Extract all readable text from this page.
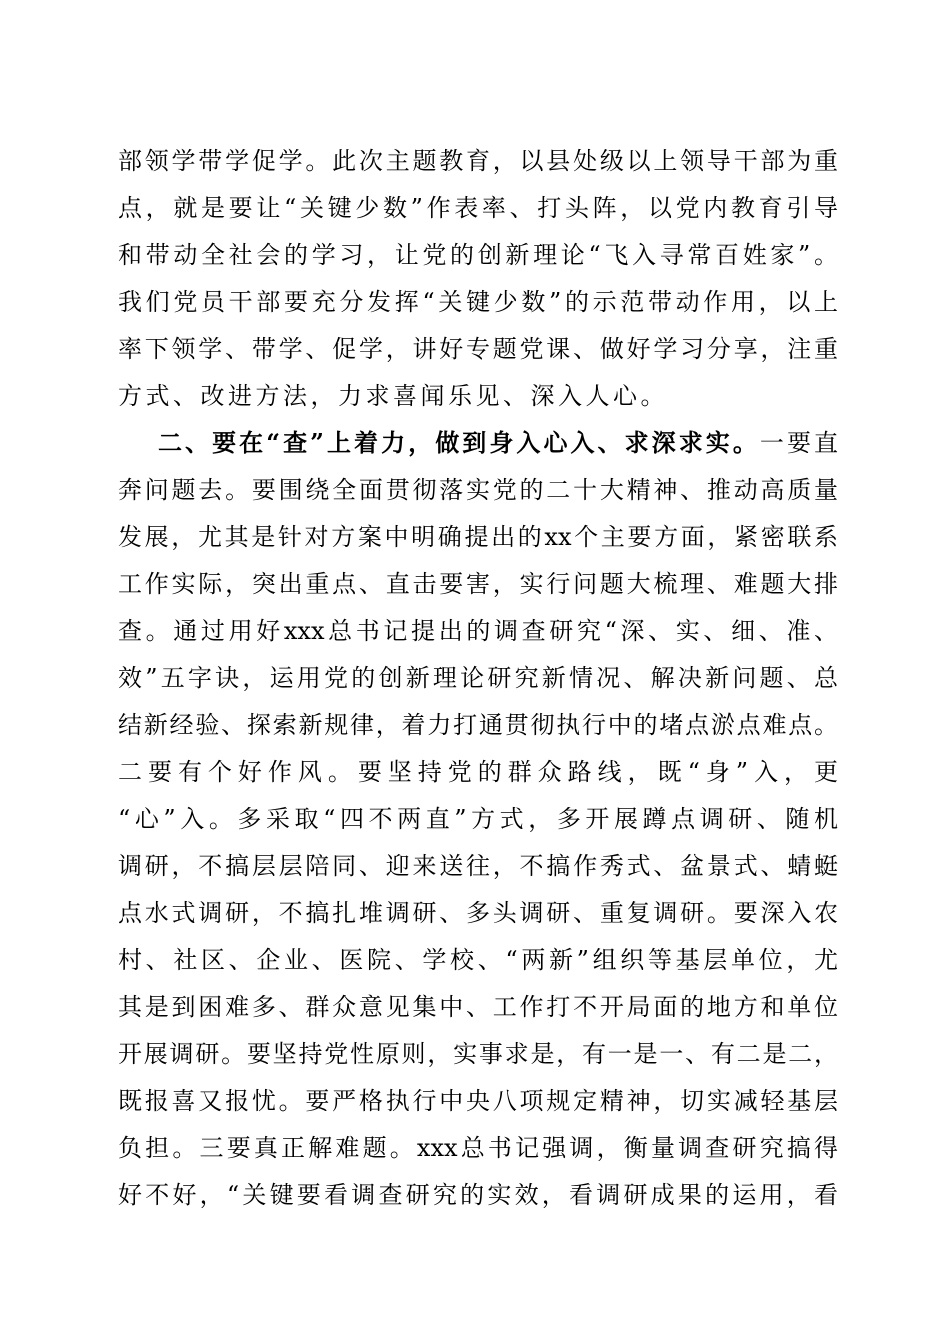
部领学带学促学。此次主题教育，以县处级以上领导干部为重
点，就是要让“关键少数”作表率、打头阵，以党内教育引导
和带动全社会的学习，让党的创新理论“飞入寻常百姓家”。
我们党员干部要充分发挥“关键少数”的示范带动作用，以上
率下领学、带学、促学，讲好专题党课、做好学习分享，注重
方式、改进方法，力求喜闻乐见、深入人心。
二、要在“查”上着力，做到身入心入、求深求实。一要直
奔问题去。要围绕全面贯彻落实党的二十大精神、推动高质量
发展，尤其是针对方案中明确提出的xx个主要方面，紧密联系
工作实际，突出重点、直击要害，实行问题大梳理、难题大排
查。通过用好xxx总书记提出的调查研究“深、实、细、准、
效”五字诀，运用党的创新理论研究新情况、解决新问题、总
结新经验、探索新规律，着力打通贯彻执行中的堵点淤点难点。
二要有个好作风。要坚持党的群众路线，既“身”入，更
“心”入。多采取“四不两直”方式，多开展蹲点调研、随机
调研，不搞层层陪同、迎来送往，不搞作秀式、盆景式、蜻蜓
点水式调研，不搞扎堆调研、多头调研、重复调研。要深入农
村、社区、企业、医院、学校、“两新”组织等基层单位，尤
其是到困难多、群众意见集中、工作打不开局面的地方和单位
开展调研。要坚持党性原则，实事求是，有一是一、有二是二，
既报喜又报忧。要严格执行中央八项规定精神，切实减轻基层
负担。三要真正解难题。xxx总书记强调，衡量调查研究搞得
好不好，“关键要看调查研究的实效，看调研成果的运用，看
